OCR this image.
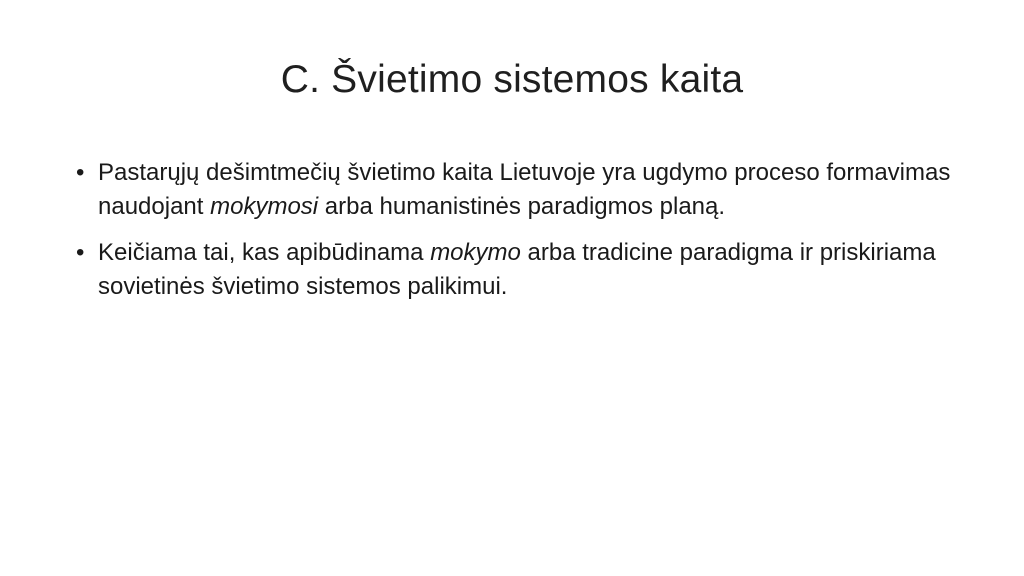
C. Švietimo sistemos kaita

• Pastarųjų dešimtmečių švietimo kaita Lietuvoje yra ugdymo proceso formavimas naudojant mokymosi arba humanistinės paradigmos planą.

• Keičiama tai, kas apibūdinama mokymo arba tradicine paradigma ir priskiriama sovietinės švietimo sistemos palikimui.
